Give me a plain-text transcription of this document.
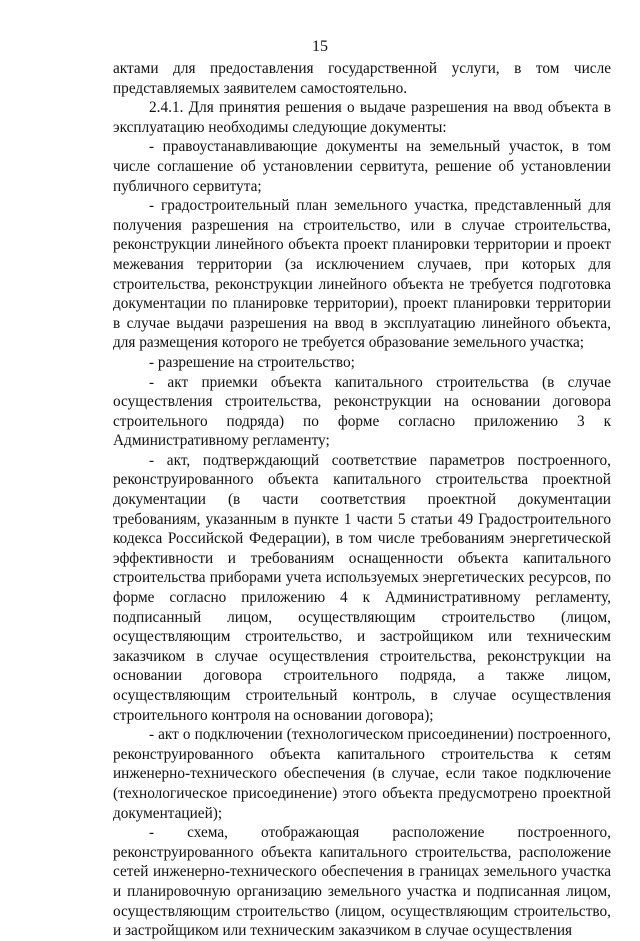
15

актами для предоставления государственной услуги, в том числе представляемых заявителем самостоятельно.

2.4.1. Для принятия решения о выдаче разрешения на ввод объекта в эксплуатацию необходимы следующие документы:

- правоустанавливающие документы на земельный участок, в том числе соглашение об установлении сервитута, решение об установлении публичного сервитута;

- градостроительный план земельного участка, представленный для получения разрешения на строительство, или в случае строительства, реконструкции линейного объекта проект планировки территории и проект межевания территории (за исключением случаев, при которых для строительства, реконструкции линейного объекта не требуется подготовка документации по планировке территории), проект планировки территории в случае выдачи разрешения на ввод в эксплуатацию линейного объекта, для размещения которого не требуется образование земельного участка;

- разрешение на строительство;

- акт приемки объекта капитального строительства (в случае осуществления строительства, реконструкции на основании договора строительного подряда) по форме согласно приложению 3 к Административному регламенту;

- акт, подтверждающий соответствие параметров построенного, реконструированного объекта капитального строительства проектной документации (в части соответствия проектной документации требованиям, указанным в пункте 1 части 5 статьи 49 Градостроительного кодекса Российской Федерации), в том числе требованиям энергетической эффективности и требованиям оснащенности объекта капитального строительства приборами учета используемых энергетических ресурсов, по форме согласно приложению 4 к Административному регламенту, подписанный лицом, осуществляющим строительство (лицом, осуществляющим строительство, и застройщиком или техническим заказчиком в случае осуществления строительства, реконструкции на основании договора строительного подряда, а также лицом, осуществляющим строительный контроль, в случае осуществления строительного контроля на основании договора);

- акт о подключении (технологическом присоединении) построенного, реконструированного объекта капитального строительства к сетям инженерно-технического обеспечения (в случае, если такое подключение (технологическое присоединение) этого объекта предусмотрено проектной документацией);

- схема, отображающая расположение построенного, реконструированного объекта капитального строительства, расположение сетей инженерно-технического обеспечения в границах земельного участка и планировочную организацию земельного участка и подписанная лицом, осуществляющим строительство (лицом, осуществляющим строительство, и застройщиком или техническим заказчиком в случае осуществления
